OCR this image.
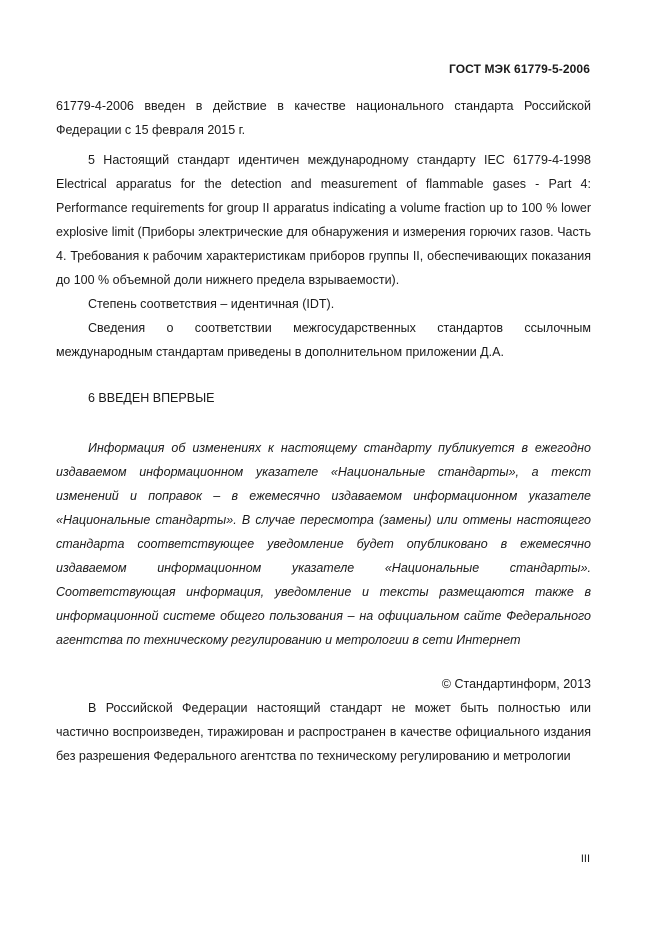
ГОСТ МЭК 61779-5-2006

61779-4-2006 введен в действие в качестве национального стандарта Российской Федерации с 15 февраля 2015 г.

5 Настоящий стандарт идентичен международному стандарту IEC 61779-4-1998 Electrical apparatus for the detection and measurement of flammable gases - Part 4: Performance requirements for group II apparatus indicating a volume fraction up to 100 % lower explosive limit (Приборы электрические для обнаружения и измерения горючих газов. Часть 4. Требования к рабочим характеристикам приборов группы II, обеспечивающих показания до 100 % объемной доли нижнего предела взрываемости).

Степень соответствия – идентичная (IDT).

Сведения о соответствии межгосударственных стандартов ссылочным международным стандартам приведены в дополнительном приложении Д.А.

6 ВВЕДЕН ВПЕРВЫЕ

Информация об изменениях к настоящему стандарту публикуется в ежегодно издаваемом информационном указателе «Национальные стандарты», а текст изменений и поправок – в ежемесячно издаваемом информационном указателе «Национальные стандарты». В случае пересмотра (замены) или отмены настоящего стандарта соответствующее уведомление будет опубликовано в ежемесячно издаваемом информационном указателе «Национальные стандарты». Соответствующая информация, уведомление и тексты размещаются также в информационной системе общего пользования – на официальном сайте Федерального агентства по техническому регулированию и метрологии в сети Интернет

© Стандартинформ, 2013

В Российской Федерации настоящий стандарт не может быть полностью или частично воспроизведен, тиражирован и распространен в качестве официального издания без разрешения Федерального агентства по техническому регулированию и метрологии

III
